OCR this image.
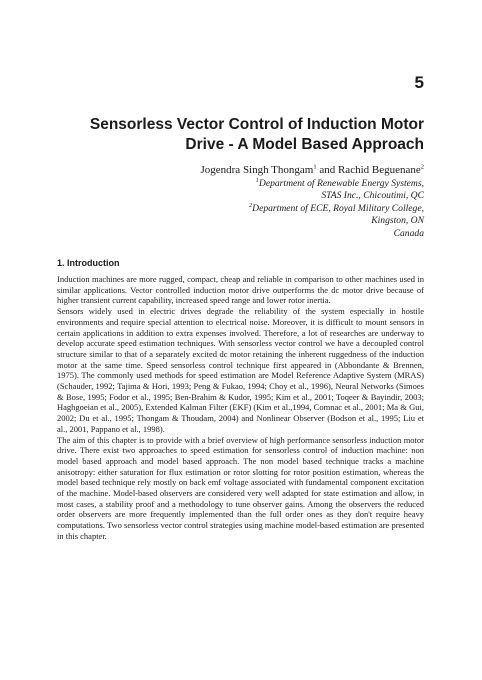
5
Sensorless Vector Control of Induction Motor
Drive - A Model Based Approach
Jogendra Singh Thongam$^1$ and Rachid Beguenane$^2$
$^1$Department of Renewable Energy Systems,
STAS Inc., Chicoutimi, QC
$^2$Department of ECE, Royal Military College,
Kingston, ON
Canada
1. Introduction

Induction machines are more rugged, compact, cheap and reliable in comparison to other machines used in similar applications. Vector controlled induction motor drive outperforms the dc motor drive because of higher transient current capability, increased speed range and lower rotor inertia.

Sensors widely used in electric drives degrade the reliability of the system especially in hostile environments and require special attention to electrical noise. Moreover, it is difficult to mount sensors in certain applications in addition to extra expenses involved. Therefore, a lot of researches are underway to develop accurate speed estimation techniques. With sensorless vector control we have a decoupled control structure similar to that of a separately excited dc motor retaining the inherent ruggedness of the induction motor at the same time. Speed sensorless control technique first appeared in (Abbondante & Brennen, 1975). The commonly used methods for speed estimation are Model Reference Adaptive System (MRAS) (Schauder, 1992; Tajima & Hori, 1993; Peng & Fukao, 1994; Choy et al., 1996), Neural Networks (Simoes & Bose, 1995; Fodor et al., 1995; Ben-Brahim & Kudor, 1995; Kim et al., 2001; Toqeer & Bayindir, 2003; Haghgoeian et al., 2005), Extended Kalman Filter (EKF) (Kim et al.,1994, Comnac et al., 2001; Ma & Gui, 2002; Du et al., 1995; Thongam & Thoudam, 2004) and Nonlinear Observer (Bodson et al., 1995; Liu et al., 2001, Pappano et al., 1998).

The aim of this chapter is to provide with a brief overview of high performance sensorless induction motor drive. There exist two approaches to speed estimation for sensorless control of induction machine: non model based approach and model based approach. The non model based technique tracks a machine anisotropy: either saturation for flux estimation or rotor slotting for rotor position estimation, whereas the model based technique rely mostly on back emf voltage associated with fundamental component excitation of the machine. Model-based observers are considered very well adapted for state estimation and allow, in most cases, a stability proof and a methodology to tune observer gains. Among the observers the reduced order observers are more frequently implemented than the full order ones as they don't require heavy computations. Two sensorless vector control strategies using machine model-based estimation are presented in this chapter.
